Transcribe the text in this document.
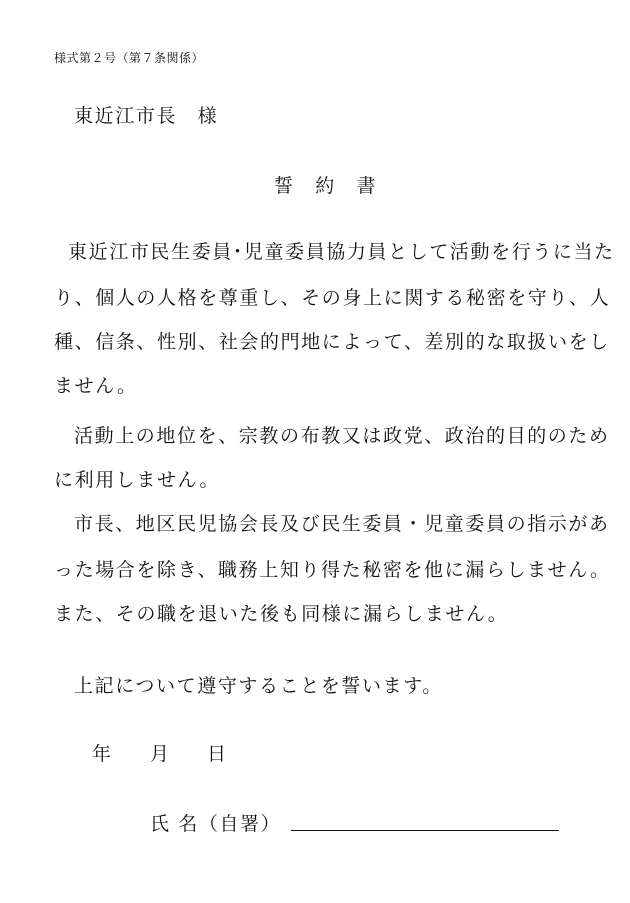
様式第２号（第７条関係）
東近江市長　様
誓　約　書
東近江市民生委員･児童委員協力員として活動を行うに当た
り、個人の人格を尊重し、その身上に関する秘密を守り、人
種、信条、性別、社会的門地によって、差別的な取扱いをし
ません。
活動上の地位を、宗教の布教又は政党、政治的目的のため
に利用しません。
市長、地区民児協会長及び民生委員・児童委員の指示があ
った場合を除き、職務上知り得た秘密を他に漏らしません。
また、その職を退いた後も同様に漏らしません。
上記について遵守することを誓います。
年 月 日
氏 名（自署）
